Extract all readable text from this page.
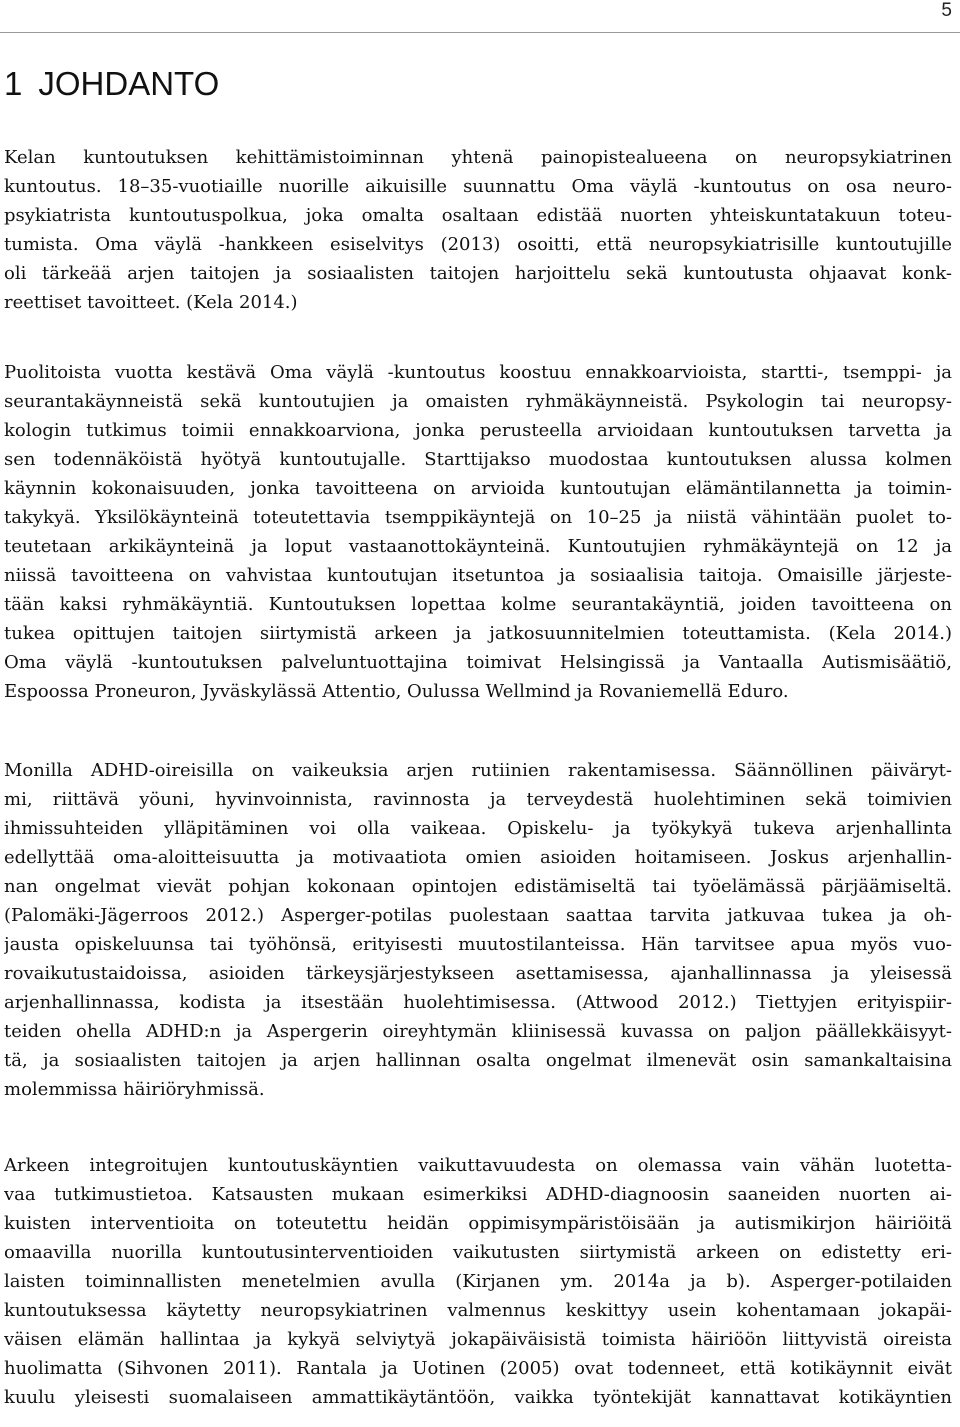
5
1 JOHDANTO
Kelan kuntoutuksen kehittämistoiminnan yhtenä painopistealueena on neuropsykiatrinen
kuntoutus. 18–35-vuotiaille nuorille aikuisille suunnattu Oma väylä -kuntoutus on osa neuro-
psykiatrista kuntoutuspolkua, joka omalta osaltaan edistää nuorten yhteiskuntatakuun toteu-
tumista. Oma väylä -hankkeen esiselvitys (2013) osoitti, että neuropsykiatrisille kuntoutujille
oli tärkeää arjen taitojen ja sosiaalisten taitojen harjoittelu sekä kuntoutusta ohjaavat konk-
reettiset tavoitteet. (Kela 2014.)
Puolitoista vuotta kestävä Oma väylä -kuntoutus koostuu ennakkoarvioista, startti-, tsemppi- ja
seurantakäynneistä sekä kuntoutujien ja omaisten ryhmäkäynneistä. Psykologin tai neuropsy-
kologin tutkimus toimii ennakkoarviona, jonka perusteella arvioidaan kuntoutuksen tarvetta ja
sen todennäköistä hyötyä kuntoutujalle. Starttijakso muodostaa kuntoutuksen alussa kolmen
käynnin kokonaisuuden, jonka tavoitteena on arvioida kuntoutujan elämäntilannetta ja toimin-
takykyä. Yksilökäynteinä toteutettavia tsemppikäyntejä on 10–25 ja niistä vähintään puolet to-
teutetaan arkikäynteinä ja loput vastaanottokäynteinä. Kuntoutujien ryhmäkäyntejä on 12 ja
niissä tavoitteena on vahvistaa kuntoutujan itsetuntoa ja sosiaalisia taitoja. Omaisille järjeste-
tään kaksi ryhmäkäyntiä. Kuntoutuksen lopettaa kolme seurantakäyntiä, joiden tavoitteena on
tukea opittujen taitojen siirtymistä arkeen ja jatkosuunnitelmien toteuttamista. (Kela 2014.)
Oma väylä -kuntoutuksen palveluntuottajina toimivat Helsingissä ja Vantaalla Autismisäätiö,
Espoossa Proneuron, Jyväskylässä Attentio, Oulussa Wellmind ja Rovaniemellä Eduro.
Monilla ADHD-oireisilla on vaikeuksia arjen rutiinien rakentamisessa. Säännöllinen päiväryt-
mi, riittävä yöuni, hyvinvoinnista, ravinnosta ja terveydestä huolehtiminen sekä toimivien
ihmissuhteiden ylläpitäminen voi olla vaikeaa. Opiskelu- ja työkykyä tukeva arjenhallinta
edellyttää oma-aloitteisuutta ja motivaatiota omien asioiden hoitamiseen. Joskus arjenhallin-
nan ongelmat vievät pohjan kokonaan opintojen edistämiseltä tai työelämässä pärjäämiseltä.
(Palomäki-Jägerroos 2012.) Asperger-potilas puolestaan saattaa tarvita jatkuvaa tukea ja oh-
jausta opiskeluunsa tai työhönsä, erityisesti muutostilanteissa. Hän tarvitsee apua myös vuo-
rovaikutustaidoissa, asioiden tärkeysjärjestykseen asettamisessa, ajanhallinnassa ja yleisessä
arjenhallinnassa, kodista ja itsestään huolehtimisessa. (Attwood 2012.) Tiettyjen erityispiir-
teiden ohella ADHD:n ja Aspergerin oireyhtymän kliinisessä kuvassa on paljon päällekkäisyyt-
tä, ja sosiaalisten taitojen ja arjen hallinnan osalta ongelmat ilmenevät osin samankaltaisina
molemmissa häiriöryhmissä.
Arkeen integroitujen kuntoutuskäyntien vaikuttavuudesta on olemassa vain vähän luotetta-
vaa tutkimustietoa. Katsausten mukaan esimerkiksi ADHD-diagnoosin saaneiden nuorten ai-
kuisten interventioita on toteutettu heidän oppimisympäristöisään ja autismikirjon häiriöitä
omaavilla nuorilla kuntoutusinterventioiden vaikutusten siirtymistä arkeen on edistetty eri-
laisten toiminnallisten menetelmien avulla (Kirjanen ym. 2014a ja b). Asperger-potilaiden
kuntoutuksessa käytetty neuropsykiatrinen valmennus keskittyy usein kohentamaan jokapäi-
väisen elämän hallintaa ja kykyä selviytyä jokapäiväisistä toimista häiriöön liittyvistä oireista
huolimatta (Sihvonen 2011). Rantala ja Uotinen (2005) ovat todenneet, että kotikäynnit eivät
kuulu yleisesti suomalaiseen ammattikäytäntöön, vaikka työntekijät kannattavat kotikäyntien
